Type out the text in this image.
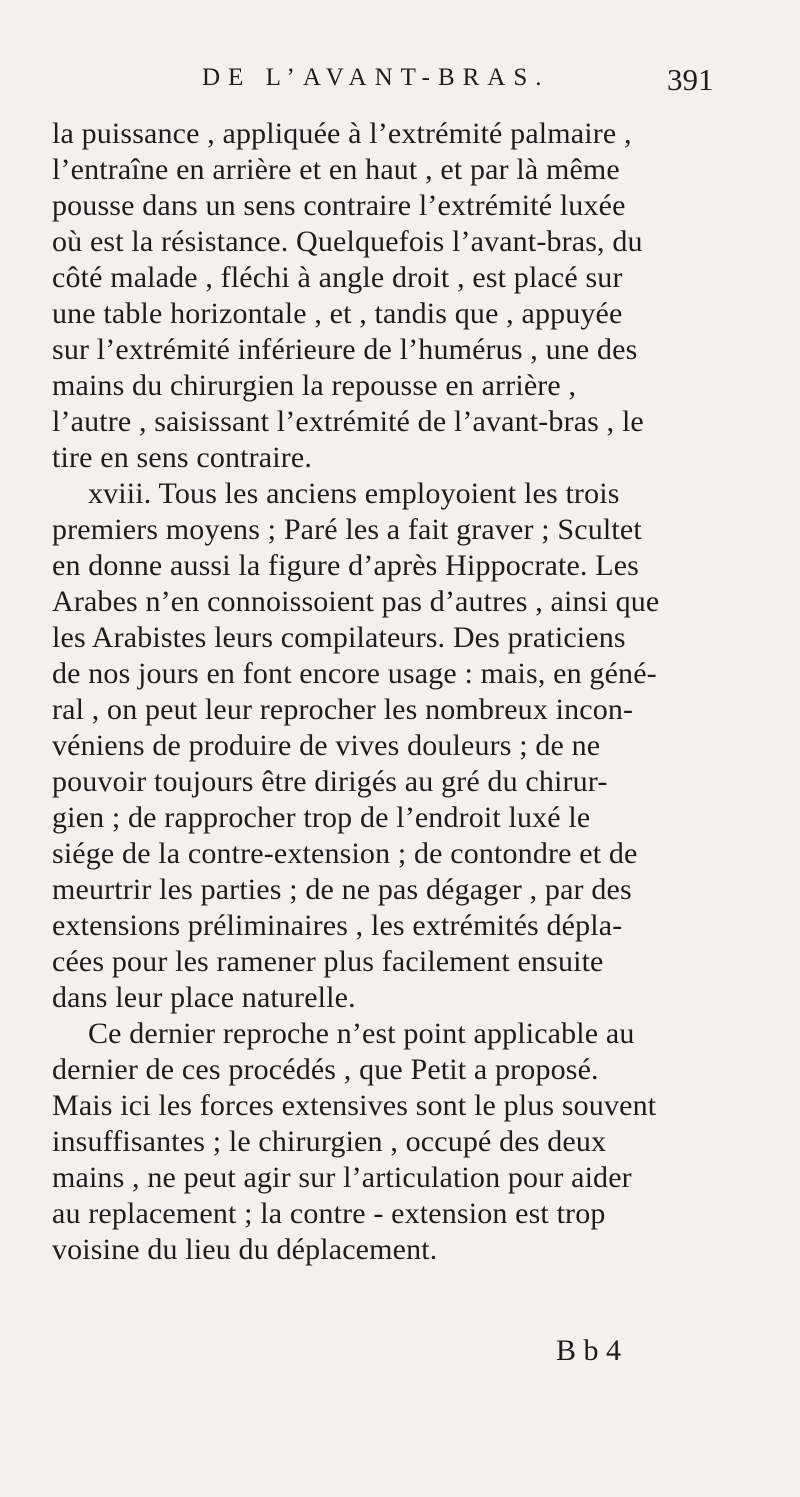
DE L’AVANT-BRAS.	391
la puissance , appliquée à l’extrémité palmaire ,
l’entraîne en arrière et en haut , et par là même
pousse dans un sens contraire l’extrémité luxée
où est la résistance. Quelquefois l’avant-bras, du
côté malade , fléchi à angle droit , est placé sur
une table horizontale , et , tandis que , appuyée
sur l’extrémité inférieure de l’humérus , une des
mains du chirurgien la repousse en arrière ,
l’autre , saisissant l’extrémité de l’avant-bras , le
tire en sens contraire.
xviii. Tous les anciens employoient les trois
premiers moyens ; Paré les a fait graver ; Scultet
en donne aussi la figure d’après Hippocrate. Les
Arabes n’en connoissoient pas d’autres , ainsi que
les Arabistes leurs compilateurs. Des praticiens
de nos jours en font encore usage : mais, en géné-
ral , on peut leur reprocher les nombreux incon-
véniens de produire de vives douleurs ; de ne
pouvoir toujours être dirigés au gré du chirur-
gien ; de rapprocher trop de l’endroit luxé le
siége de la contre-extension ; de contondre et de
meurtrir les parties ; de ne pas dégager , par des
extensions préliminaires , les extrémités dépla-
cées pour les ramener plus facilement ensuite
dans leur place naturelle.
Ce dernier reproche n’est point applicable au
dernier de ces procédés , que Petit a proposé.
Mais ici les forces extensives sont le plus souvent
insuffisantes ; le chirurgien , occupé des deux
mains , ne peut agir sur l’articulation pour aider
au replacement ; la contre - extension est trop
voisine du lieu du déplacement.
B b 4
